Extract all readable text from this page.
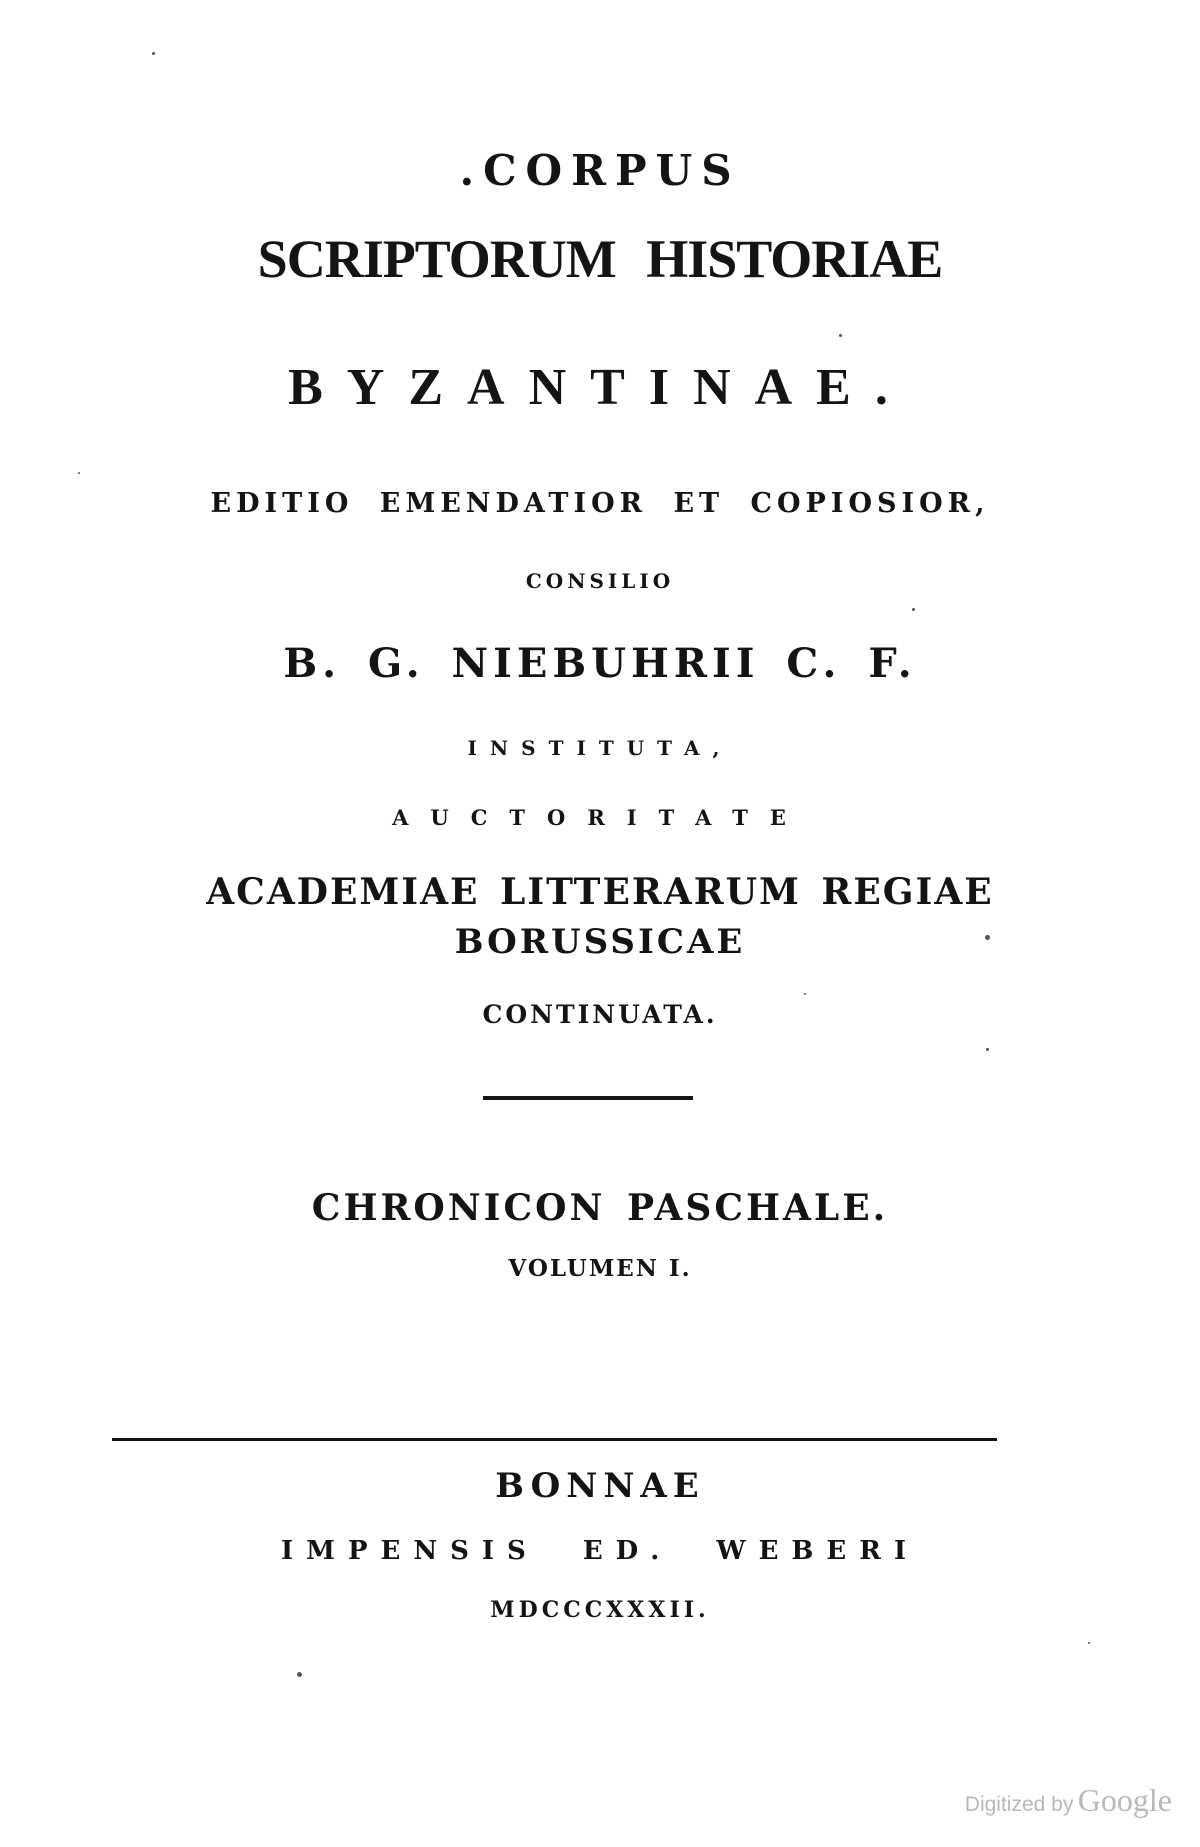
.CORPUS
SCRIPTORUM HISTORIAE
BYZANTINAE.
EDITIO EMENDATIOR ET COPIOSIOR,
CONSILIO
B. G. NIEBUHRII C. F.
INSTITUTA,
AUCTORITATE
ACADEMIAE LITTERARUM REGIAE
BORUSSICAE
CONTINUATA.
CHRONICON PASCHALE.
VOLUMEN I.
BONNAE
IMPENSIS ED. WEBERI
MDCCCXXXII.
Digitized by Google
